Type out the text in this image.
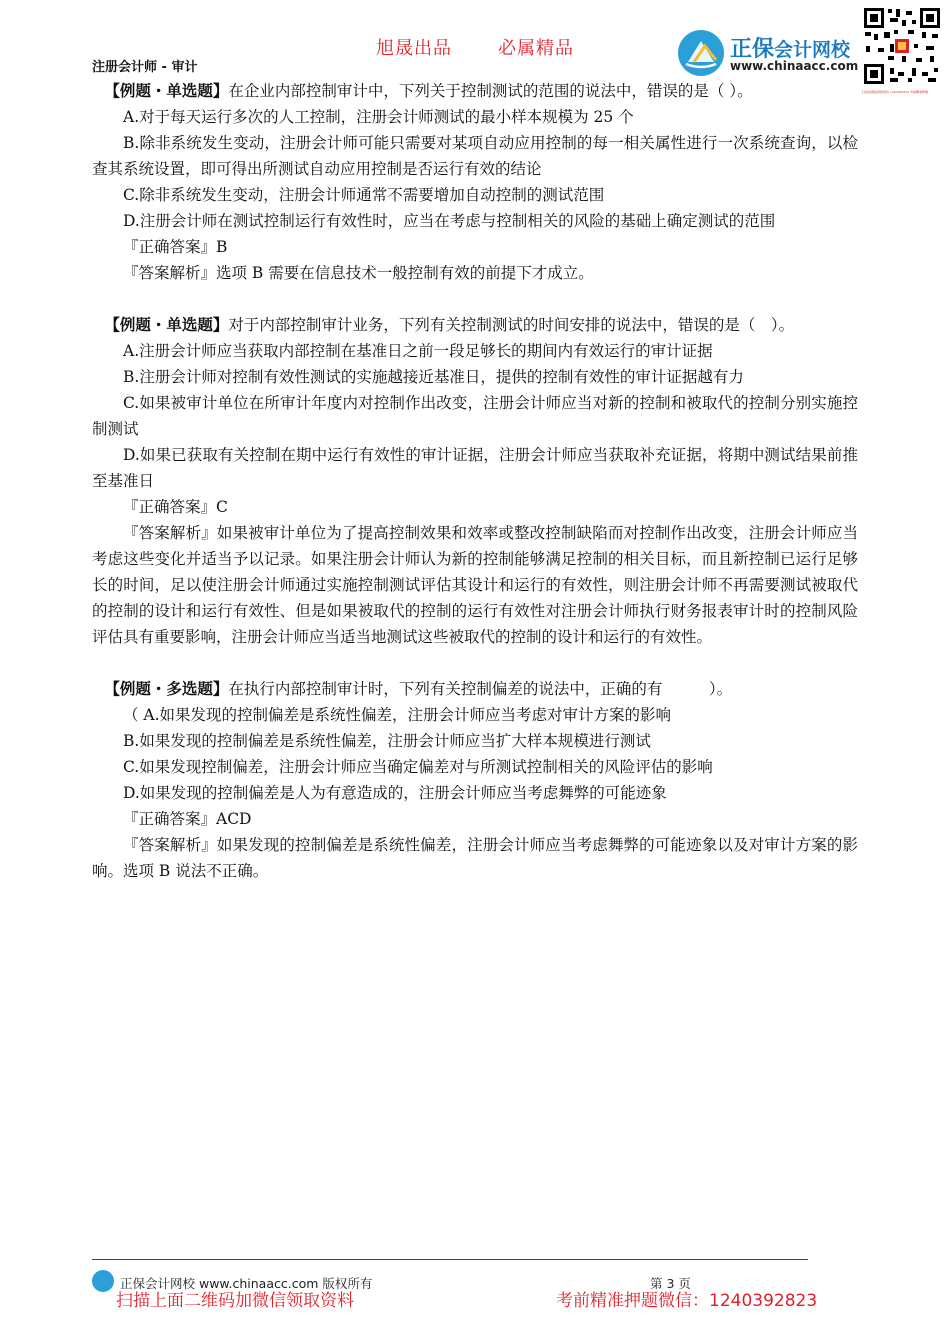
旭晟出品	必属精品
注册会计师 - 审计
正保会计网校
www.chinaacc.com
扫码加微信领取资料 1240392823 考前精准押题

【例题・单选题】在企业内部控制审计中，下列关于控制测试的范围的说法中，错误的是（ ）。

A.对于每天运行多次的人工控制，注册会计师测试的最小样本规模为 25 个

B.除非系统发生变动，注册会计师可能只需要对某项自动应用控制的每一相关属性进行一次系统查询，以检查其系统设置，即可得出所测试自动应用控制是否运行有效的结论

C.除非系统发生变动，注册会计师通常不需要增加自动控制的测试范围

D.注册会计师在测试控制运行有效性时，应当在考虑与控制相关的风险的基础上确定测试的范围

『正确答案』B

『答案解析』选项 B 需要在信息技术一般控制有效的前提下才成立。

【例题・单选题】对于内部控制审计业务，下列有关控制测试的时间安排的说法中，错误的是（　）。

A.注册会计师应当获取内部控制在基准日之前一段足够长的期间内有效运行的审计证据

B.注册会计师对控制有效性测试的实施越接近基准日，提供的控制有效性的审计证据越有力

C.如果被审计单位在所审计年度内对控制作出改变，注册会计师应当对新的控制和被取代的控制分别实施控制测试

D.如果已获取有关控制在期中运行有效性的审计证据，注册会计师应当获取补充证据，将期中测试结果前推至基准日

『正确答案』C

『答案解析』如果被审计单位为了提高控制效果和效率或整改控制缺陷而对控制作出改变，注册会计师应当考虑这些变化并适当予以记录。如果注册会计师认为新的控制能够满足控制的相关目标，而且新控制已运行足够长的时间，足以使注册会计师通过实施控制测试评估其设计和运行的有效性，则注册会计师不再需要测试被取代的控制的设计和运行有效性、但是如果被取代的控制的运行有效性对注册会计师执行财务报表审计时的控制风险评估具有重要影响，注册会计师应当适当地测试这些被取代的控制的设计和运行的有效性。

【例题・多选题】在执行内部控制审计时，下列有关控制偏差的说法中，正确的有　　　）。

（ A.如果发现的控制偏差是系统性偏差，注册会计师应当考虑对审计方案的影响

B.如果发现的控制偏差是系统性偏差，注册会计师应当扩大样本规模进行测试

C.如果发现控制偏差，注册会计师应当确定偏差对与所测试控制相关的风险评估的影响

D.如果发现的控制偏差是人为有意造成的，注册会计师应当考虑舞弊的可能迹象

『正确答案』ACD

『答案解析』如果发现的控制偏差是系统性偏差，注册会计师应当考虑舞弊的可能迹象以及对审计方案的影响。选项 B 说法不正确。

正保会计网校 www.chinaacc.com 版权所有	第 3 页
扫描上面二维码加微信领取资料	考前精准押题微信：1240392823
